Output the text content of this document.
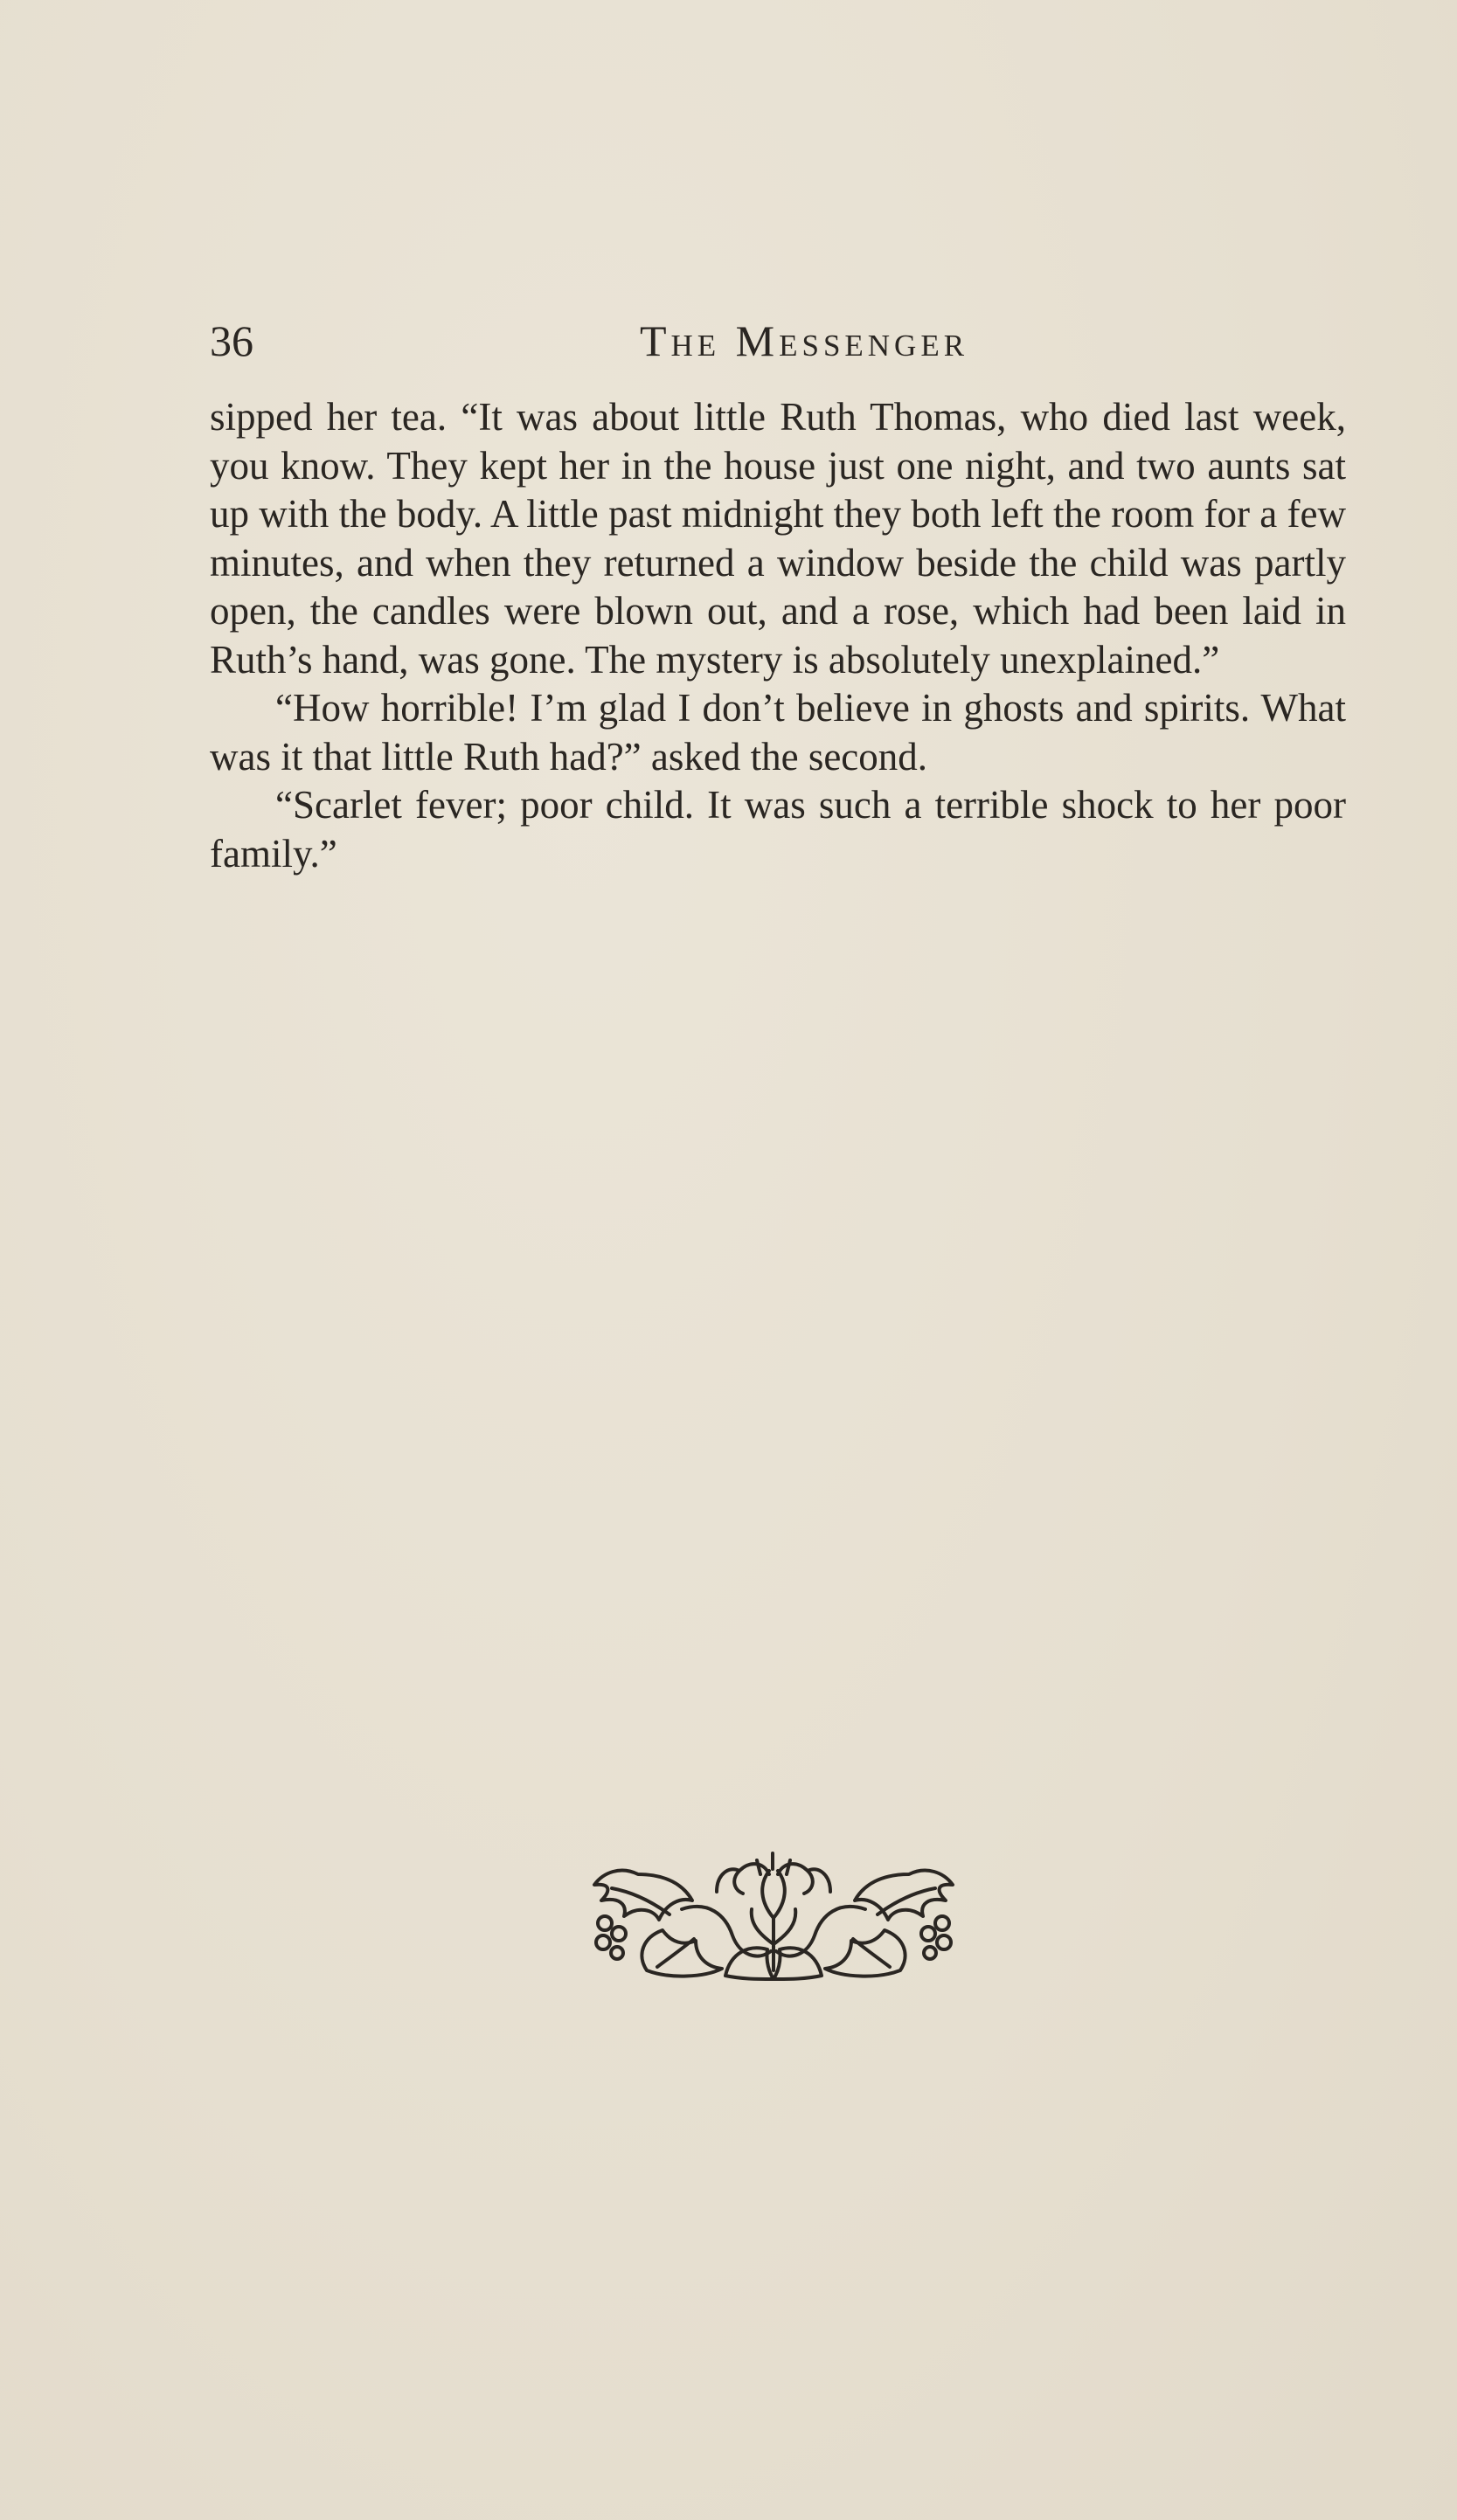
36	The Messenger

sipped her tea. “It was about little Ruth Thomas, who died last week, you know. They kept her in the house just one night, and two aunts sat up with the body. A little past midnight they both left the room for a few minutes, and when they returned a window beside the child was partly open, the candles were blown out, and a rose, which had been laid in Ruth’s hand, was gone. The mystery is absolutely unexplained.”

“How horrible! I’m glad I don’t believe in ghosts and spirits. What was it that little Ruth had?” asked the second.

“Scarlet fever; poor child. It was such a terrible shock to her poor family.”
